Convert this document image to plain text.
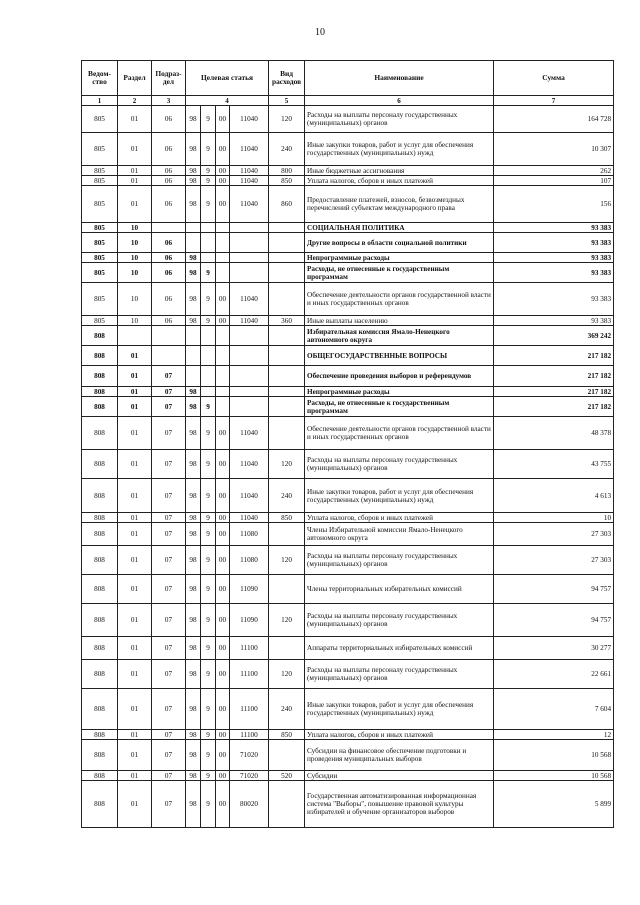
10
Ведом-ство	Раздел	Подраз-дел	Целевая статья				Вид расходов	Наименование	Сумма
1	2	3	4				5	6	7
805	01	06	98	9	00	11040	120	Расходы на выплаты персоналу государственных (муниципальных) органов	164 728
805	01	06	98	9	00	11040	240	Иные закупки товаров, работ и услуг для обеспечения государственных (муниципальных) нужд	10 307
805	01	06	98	9	00	11040	800	Иные бюджетные ассигнования	262
805	01	06	98	9	00	11040	850	Уплата налогов, сборов и иных платежей	107
805	01	06	98	9	00	11040	860	Предоставление платежей, взносов, безвозмездных перечислений субъектам международного права	156
805	10							СОЦИАЛЬНАЯ ПОЛИТИКА	93 383
805	10	06						Другие вопросы в области социальной политики	93 383
805	10	06	98					Непрограммные расходы	93 383
805	10	06	98	9				Расходы, не отнесенные к государственным программам	93 383
805	10	06	98	9	00	11040		Обеспечение деятельности органов государственной власти и иных государственных органов	93 383
805	10	06	98	9	00	11040	360	Иные выплаты населению	93 383
808								Избирательная комиссия Ямало-Ненецкого автономного округа	369 242
808	01							ОБЩЕГОСУДАРСТВЕННЫЕ ВОПРОСЫ	217 182
808	01	07						Обеспечение проведения выборов и референдумов	217 182
808	01	07	98					Непрограммные расходы	217 182
808	01	07	98	9				Расходы, не отнесенные к государственным программам	217 182
808	01	07	98	9	00	11040		Обеспечение деятельности органов государственной власти и иных государственных органов	48 378
808	01	07	98	9	00	11040	120	Расходы на выплаты персоналу государственных (муниципальных) органов	43 755
808	01	07	98	9	00	11040	240	Иные закупки товаров, работ и услуг для обеспечения государственных (муниципальных) нужд	4 613
808	01	07	98	9	00	11040	850	Уплата налогов, сборов и иных платежей	10
808	01	07	98	9	00	11080		Члены Избирательной комиссии Ямало-Ненецкого автономного округа	27 303
808	01	07	98	9	00	11080	120	Расходы на выплаты персоналу государственных (муниципальных) органов	27 303
808	01	07	98	9	00	11090		Члены территориальных избирательных комиссий	94 757
808	01	07	98	9	00	11090	120	Расходы на выплаты персоналу государственных (муниципальных) органов	94 757
808	01	07	98	9	00	11100		Аппараты территориальных избирательных комиссий	30 277
808	01	07	98	9	00	11100	120	Расходы на выплаты персоналу государственных (муниципальных) органов	22 661
808	01	07	98	9	00	11100	240	Иные закупки товаров, работ и услуг для обеспечения государственных (муниципальных) нужд	7 604
808	01	07	98	9	00	11100	850	Уплата налогов, сборов и иных платежей	12
808	01	07	98	9	00	71020		Субсидии на финансовое обеспечение подготовки и проведения муниципальных выборов	10 568
808	01	07	98	9	00	71020	520	Субсидии	10 568
808	01	07	98	9	00	80020		Государственная автоматизированная информационная система "Выборы", повышение правовой культуры избирателей и обучение организаторов выборов	5 899
